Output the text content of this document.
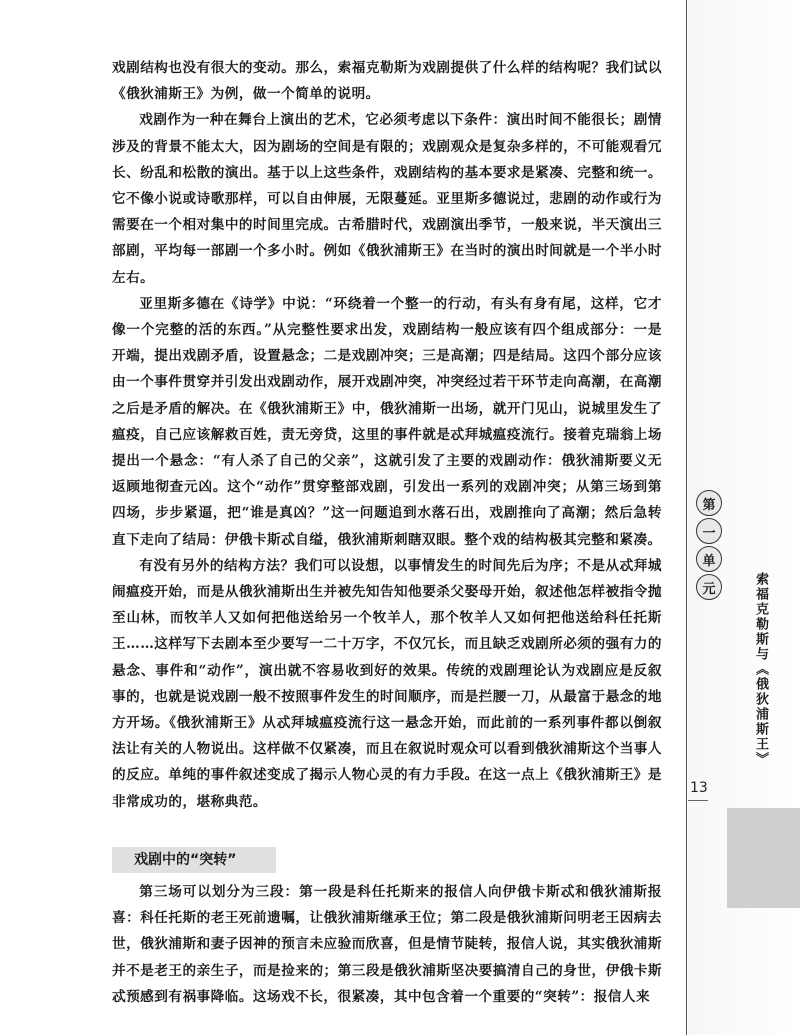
戏剧结构也没有很大的变动。那么，索福克勒斯为戏剧提供了什么样的结构呢？我们试以《俄狄浦斯王》为例，做一个简单的说明。

戏剧作为一种在舞台上演出的艺术，它必须考虑以下条件：演出时间不能很长；剧情涉及的背景不能太大，因为剧场的空间是有限的；戏剧观众是复杂多样的，不可能观看冗长、纷乱和松散的演出。基于以上这些条件，戏剧结构的基本要求是紧凑、完整和统一。它不像小说或诗歌那样，可以自由伸展，无限蔓延。亚里斯多德说过，悲剧的动作或行为需要在一个相对集中的时间里完成。古希腊时代，戏剧演出季节，一般来说，半天演出三部剧，平均每一部剧一个多小时。例如《俄狄浦斯王》在当时的演出时间就是一个半小时左右。

亚里斯多德在《诗学》中说：“环绕着一个整一的行动，有头有身有尾，这样，它才像一个完整的活的东西。”从完整性要求出发，戏剧结构一般应该有四个组成部分：一是开端，提出戏剧矛盾，设置悬念；二是戏剧冲突；三是高潮；四是结局。这四个部分应该由一个事件贯穿并引发出戏剧动作，展开戏剧冲突，冲突经过若干环节走向高潮，在高潮之后是矛盾的解决。在《俄狄浦斯王》中，俄狄浦斯一出场，就开门见山，说城里发生了瘟疫，自己应该解救百姓，责无旁贷，这里的事件就是忒拜城瘟疫流行。接着克瑞翁上场提出一个悬念：“有人杀了自己的父亲”，这就引发了主要的戏剧动作：俄狄浦斯要义无返顾地彻查元凶。这个“动作”贯穿整部戏剧，引发出一系列的戏剧冲突；从第三场到第四场，步步紧逼，把“谁是真凶？”这一问题追到水落石出，戏剧推向了高潮；然后急转直下走向了结局：伊俄卡斯忒自缢，俄狄浦斯刺瞎双眼。整个戏的结构极其完整和紧凑。

有没有另外的结构方法？我们可以设想，以事情发生的时间先后为序；不是从忒拜城闹瘟疫开始，而是从俄狄浦斯出生并被先知告知他要杀父娶母开始，叙述他怎样被指令抛至山林，而牧羊人又如何把他送给另一个牧羊人，那个牧羊人又如何把他送给科任托斯王……这样写下去剧本至少要写一二十万字，不仅冗长，而且缺乏戏剧所必须的强有力的悬念、事件和“动作”，演出就不容易收到好的效果。传统的戏剧理论认为戏剧应是反叙事的，也就是说戏剧一般不按照事件发生的时间顺序，而是拦腰一刀，从最富于悬念的地方开场。《俄狄浦斯王》从忒拜城瘟疫流行这一悬念开始，而此前的一系列事件都以倒叙法让有关的人物说出。这样做不仅紧凑，而且在叙说时观众可以看到俄狄浦斯这个当事人的反应。单纯的事件叙述变成了揭示人物心灵的有力手段。在这一点上《俄狄浦斯王》是非常成功的，堪称典范。

戏剧中的“突转”

第三场可以划分为三段：第一段是科任托斯来的报信人向伊俄卡斯忒和俄狄浦斯报喜：科任托斯的老王死前遗嘱，让俄狄浦斯继承王位；第二段是俄狄浦斯问明老王因病去世，俄狄浦斯和妻子因神的预言未应验而欣喜，但是情节陡转，报信人说，其实俄狄浦斯并不是老王的亲生子，而是捡来的；第三段是俄狄浦斯坚决要搞清自己的身世，伊俄卡斯忒预感到有祸事降临。这场戏不长，很紧凑，其中包含着一个重要的“突转”：报信人来

第
一
单
元	索福克勒斯与《俄狄浦斯王》
13
